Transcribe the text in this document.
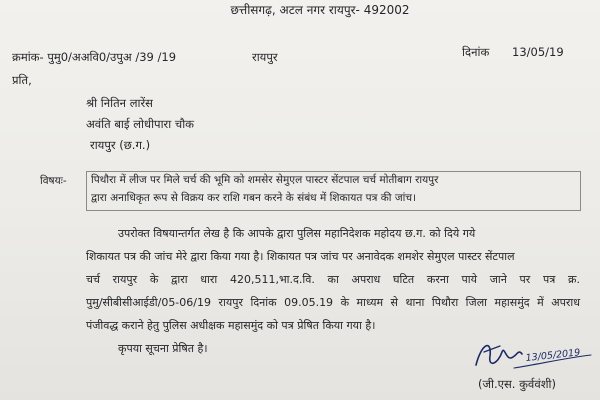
छत्तीसगढ़, अटल नगर रायपुर- 492002
क्रमांक- पुमु0/अअवि0/उपुअ /39 /19	रायपुर	दिनांक 13/05/19
प्रति,
श्री नितिन लारेंस
अवंति बाई लोधीपारा चौक
रायपुर (छ.ग.)
विषयः- पिथौरा में लीज पर मिले चर्च की भूमि को शमसेर सेमुएल पास्टर सेंटपाल चर्च मोतीबाग रायपुर
द्वारा अनाधिकृत रूप से विक्रय कर राशि गबन करने के संबंध में शिकायत पत्र की जांच।
उपरोक्त विषयान्तर्गत लेख है कि आपके द्वारा पुलिस महानिदेशक महोदय छ.ग. को दिये गये
शिकायत पत्र की जांच मेरे द्वारा किया गया है। शिकायत पत्र जांच पर अनावेदक शमशेर सेमुएल पास्टर सेंटपाल
चर्च रायपुर के द्वारा धारा 420,511,भा.द.वि. का अपराध घटित करना पाये जाने पर पत्र क्र.
पुमु/सीबीसीआईडी/05-06/19 रायपुर दिनांक 09.05.19 के माध्यम से थाना पिथौरा जिला महासमुंद में अपराध
पंजीवद्ध कराने हेतु पुलिस अधीक्षक महासमुंद को पत्र प्रेषित किया गया है।
कृपया सूचना प्रेषित है।	13/05/2019
(जी.एस. कुर्ववंशी)
